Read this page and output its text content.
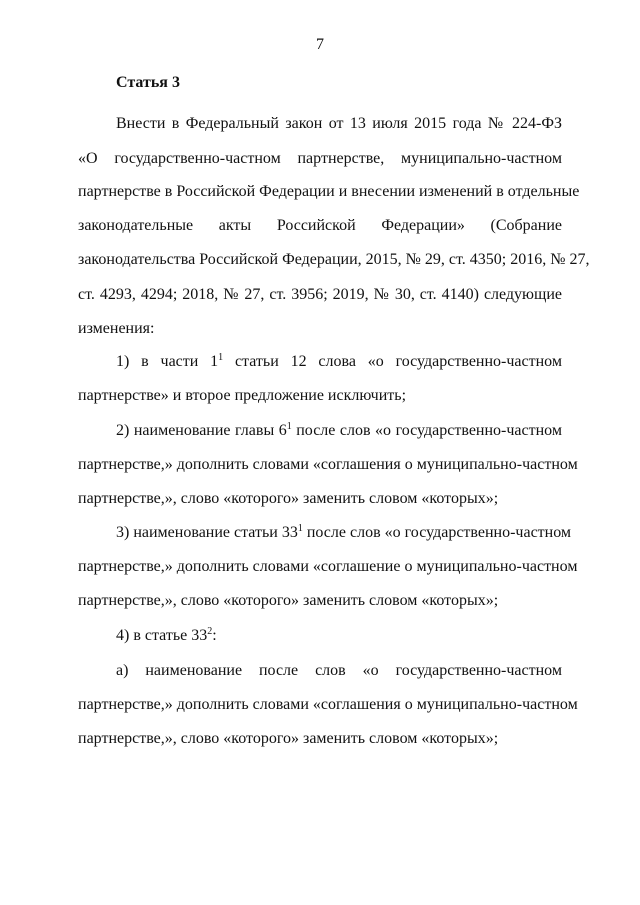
7
Статья 3
Внести в Федеральный закон от 13 июля 2015 года № 224-ФЗ
«О государственно-частном партнерстве, муниципально-частном
партнерстве в Российской Федерации и внесении изменений в отдельные
законодательные акты Российской Федерации» (Собрание
законодательства Российской Федерации, 2015, № 29, ст. 4350; 2016, № 27,
ст. 4293, 4294; 2018, № 27, ст. 3956; 2019, № 30, ст. 4140) следующие
изменения:
1) в части $1^1$ статьи 12 слова «о государственно-частном
партнерстве» и второе предложение исключить;
2) наименование главы $6^1$ после слов «о государственно-частном
партнерстве,» дополнить словами «соглашения о муниципально-частном
партнерстве,», слово «которого» заменить словом «которых»;
3) наименование статьи $33^1$ после слов «о государственно-частном
партнерстве,» дополнить словами «соглашение о муниципально-частном
партнерстве,», слово «которого» заменить словом «которых»;
4) в статье $33^2$:
а) наименование после слов «о государственно-частном
партнерстве,» дополнить словами «соглашения о муниципально-частном
партнерстве,», слово «которого» заменить словом «которых»;
